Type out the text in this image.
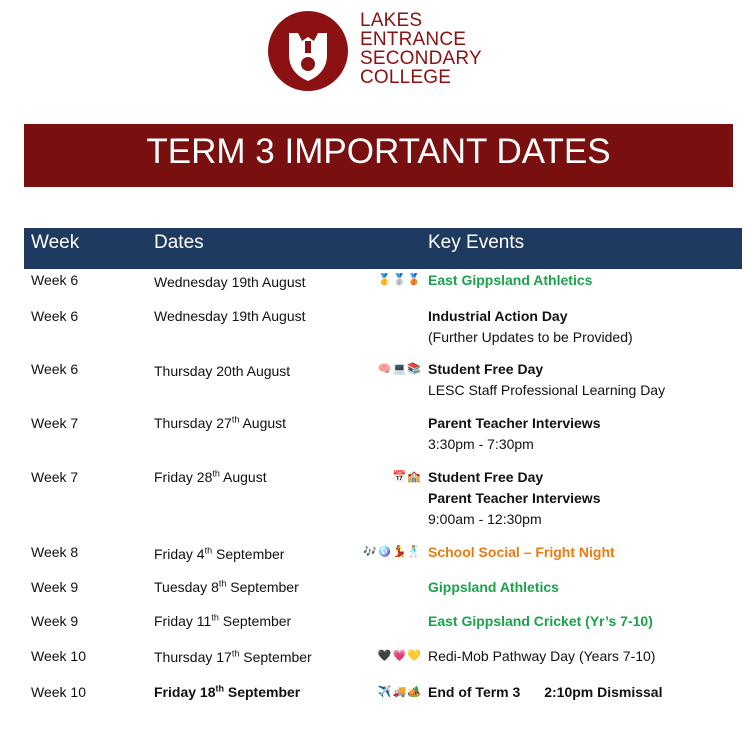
LAKES
ENTRANCE
SECONDARY
COLLEGE
TERM 3 IMPORTANT DATES
Week	Dates	Key Events
Week 6	Wednesday 19th August	🥇🥈🥉 East Gippsland Athletics
Week 6	Wednesday 19th August	Industrial Action Day
(Further Updates to be Provided)
Week 6	Thursday 20th August	🧠💻📚 Student Free Day
LESC Staff Professional Learning Day
Week 7	Thursday 27th August	Parent Teacher Interviews
3:30pm - 7:30pm
Week 7	Friday 28th August	📅🏫 Student Free Day
Parent Teacher Interviews
9:00am - 12:30pm
Week 8	Friday 4th September	🎶🪩💃🕺 School Social – Fright Night
Week 9	Tuesday 8th September	Gippsland Athletics
Week 9	Friday 11th September	East Gippsland Cricket (Yr’s 7-10)
Week 10	Thursday 17th September	🖤💗💛 Redi-Mob Pathway Day (Years 7-10)
Week 10	Friday 18th September	✈️🚚🏕️ End of Term 3 2:10pm Dismissal
